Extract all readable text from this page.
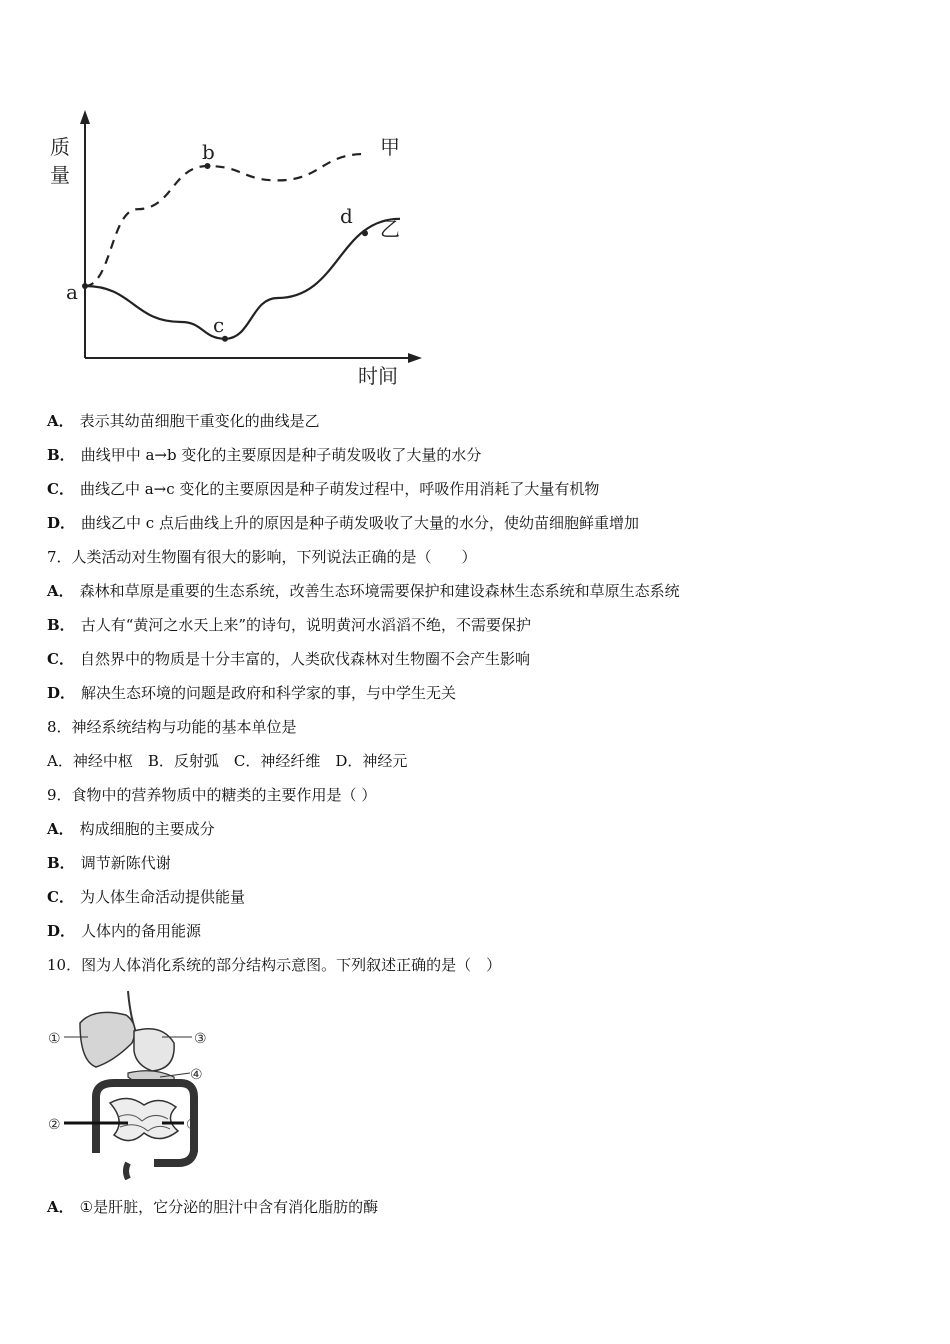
质
量
时间
a
b
c
d
甲
乙
A． 表示其幼苗细胞干重变化的曲线是乙
B． 曲线甲中 a→b 变化的主要原因是种子萌发吸收了大量的水分
C． 曲线乙中 a→c 变化的主要原因是种子萌发过程中，呼吸作用消耗了大量有机物
D． 曲线乙中 c 点后曲线上升的原因是种子萌发吸收了大量的水分，使幼苗细胞鲜重增加
7．人类活动对生物圈有很大的影响，下列说法正确的是（　　）
A． 森林和草原是重要的生态系统，改善生态环境需要保护和建设森林生态系统和草原生态系统
B． 古人有“黄河之水天上来”的诗句，说明黄河水滔滔不绝，不需要保护
C． 自然界中的物质是十分丰富的，人类砍伐森林对生物圈不会产生影响
D． 解决生态环境的问题是政府和科学家的事，与中学生无关
8．神经系统结构与功能的基本单位是
A．神经中枢　B．反射弧　C．神经纤维　D．神经元
9．食物中的营养物质中的糖类的主要作用是（ ）
A． 构成细胞的主要成分
B． 调节新陈代谢
C． 为人体生命活动提供能量
D． 人体内的备用能源
10．图为人体消化系统的部分结构示意图。下列叙述正确的是（　）
①
②
③
④
⑤
A． ①是肝脏，它分泌的胆汁中含有消化脂肪的酶
